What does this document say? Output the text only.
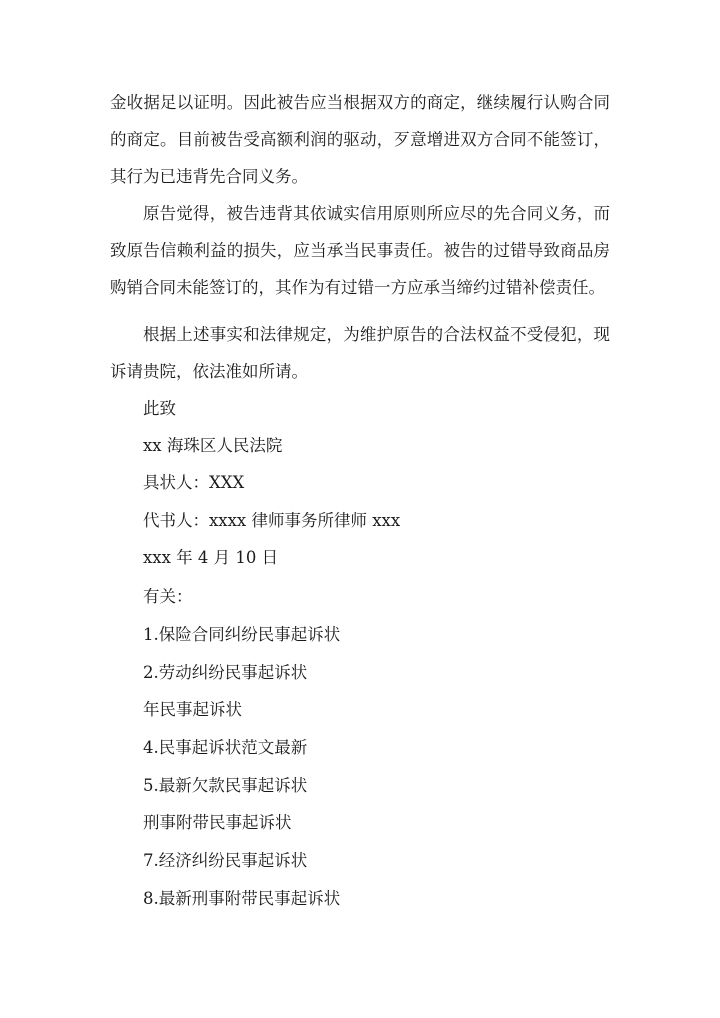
金收据足以证明。因此被告应当根据双方的商定，继续履行认购合同的商定。目前被告受高额利润的驱动，歹意增进双方合同不能签订，其行为已违背先合同义务。

原告觉得，被告违背其依诚实信用原则所应尽的先合同义务，而致原告信赖利益的损失，应当承当民事责任。被告的过错导致商品房购销合同未能签订的，其作为有过错一方应承当缔约过错补偿责任。

根据上述事实和法律规定，为维护原告的合法权益不受侵犯，现诉请贵院，依法准如所请。

此致

xx 海珠区人民法院

具状人：XXX

代书人：xxxx 律师事务所律师 xxx

xxx 年 4 月 10 日

有关：

1.保险合同纠纷民事起诉状

2.劳动纠纷民事起诉状

年民事起诉状

4.民事起诉状范文最新

5.最新欠款民事起诉状

刑事附带民事起诉状

7.经济纠纷民事起诉状

8.最新刑事附带民事起诉状
